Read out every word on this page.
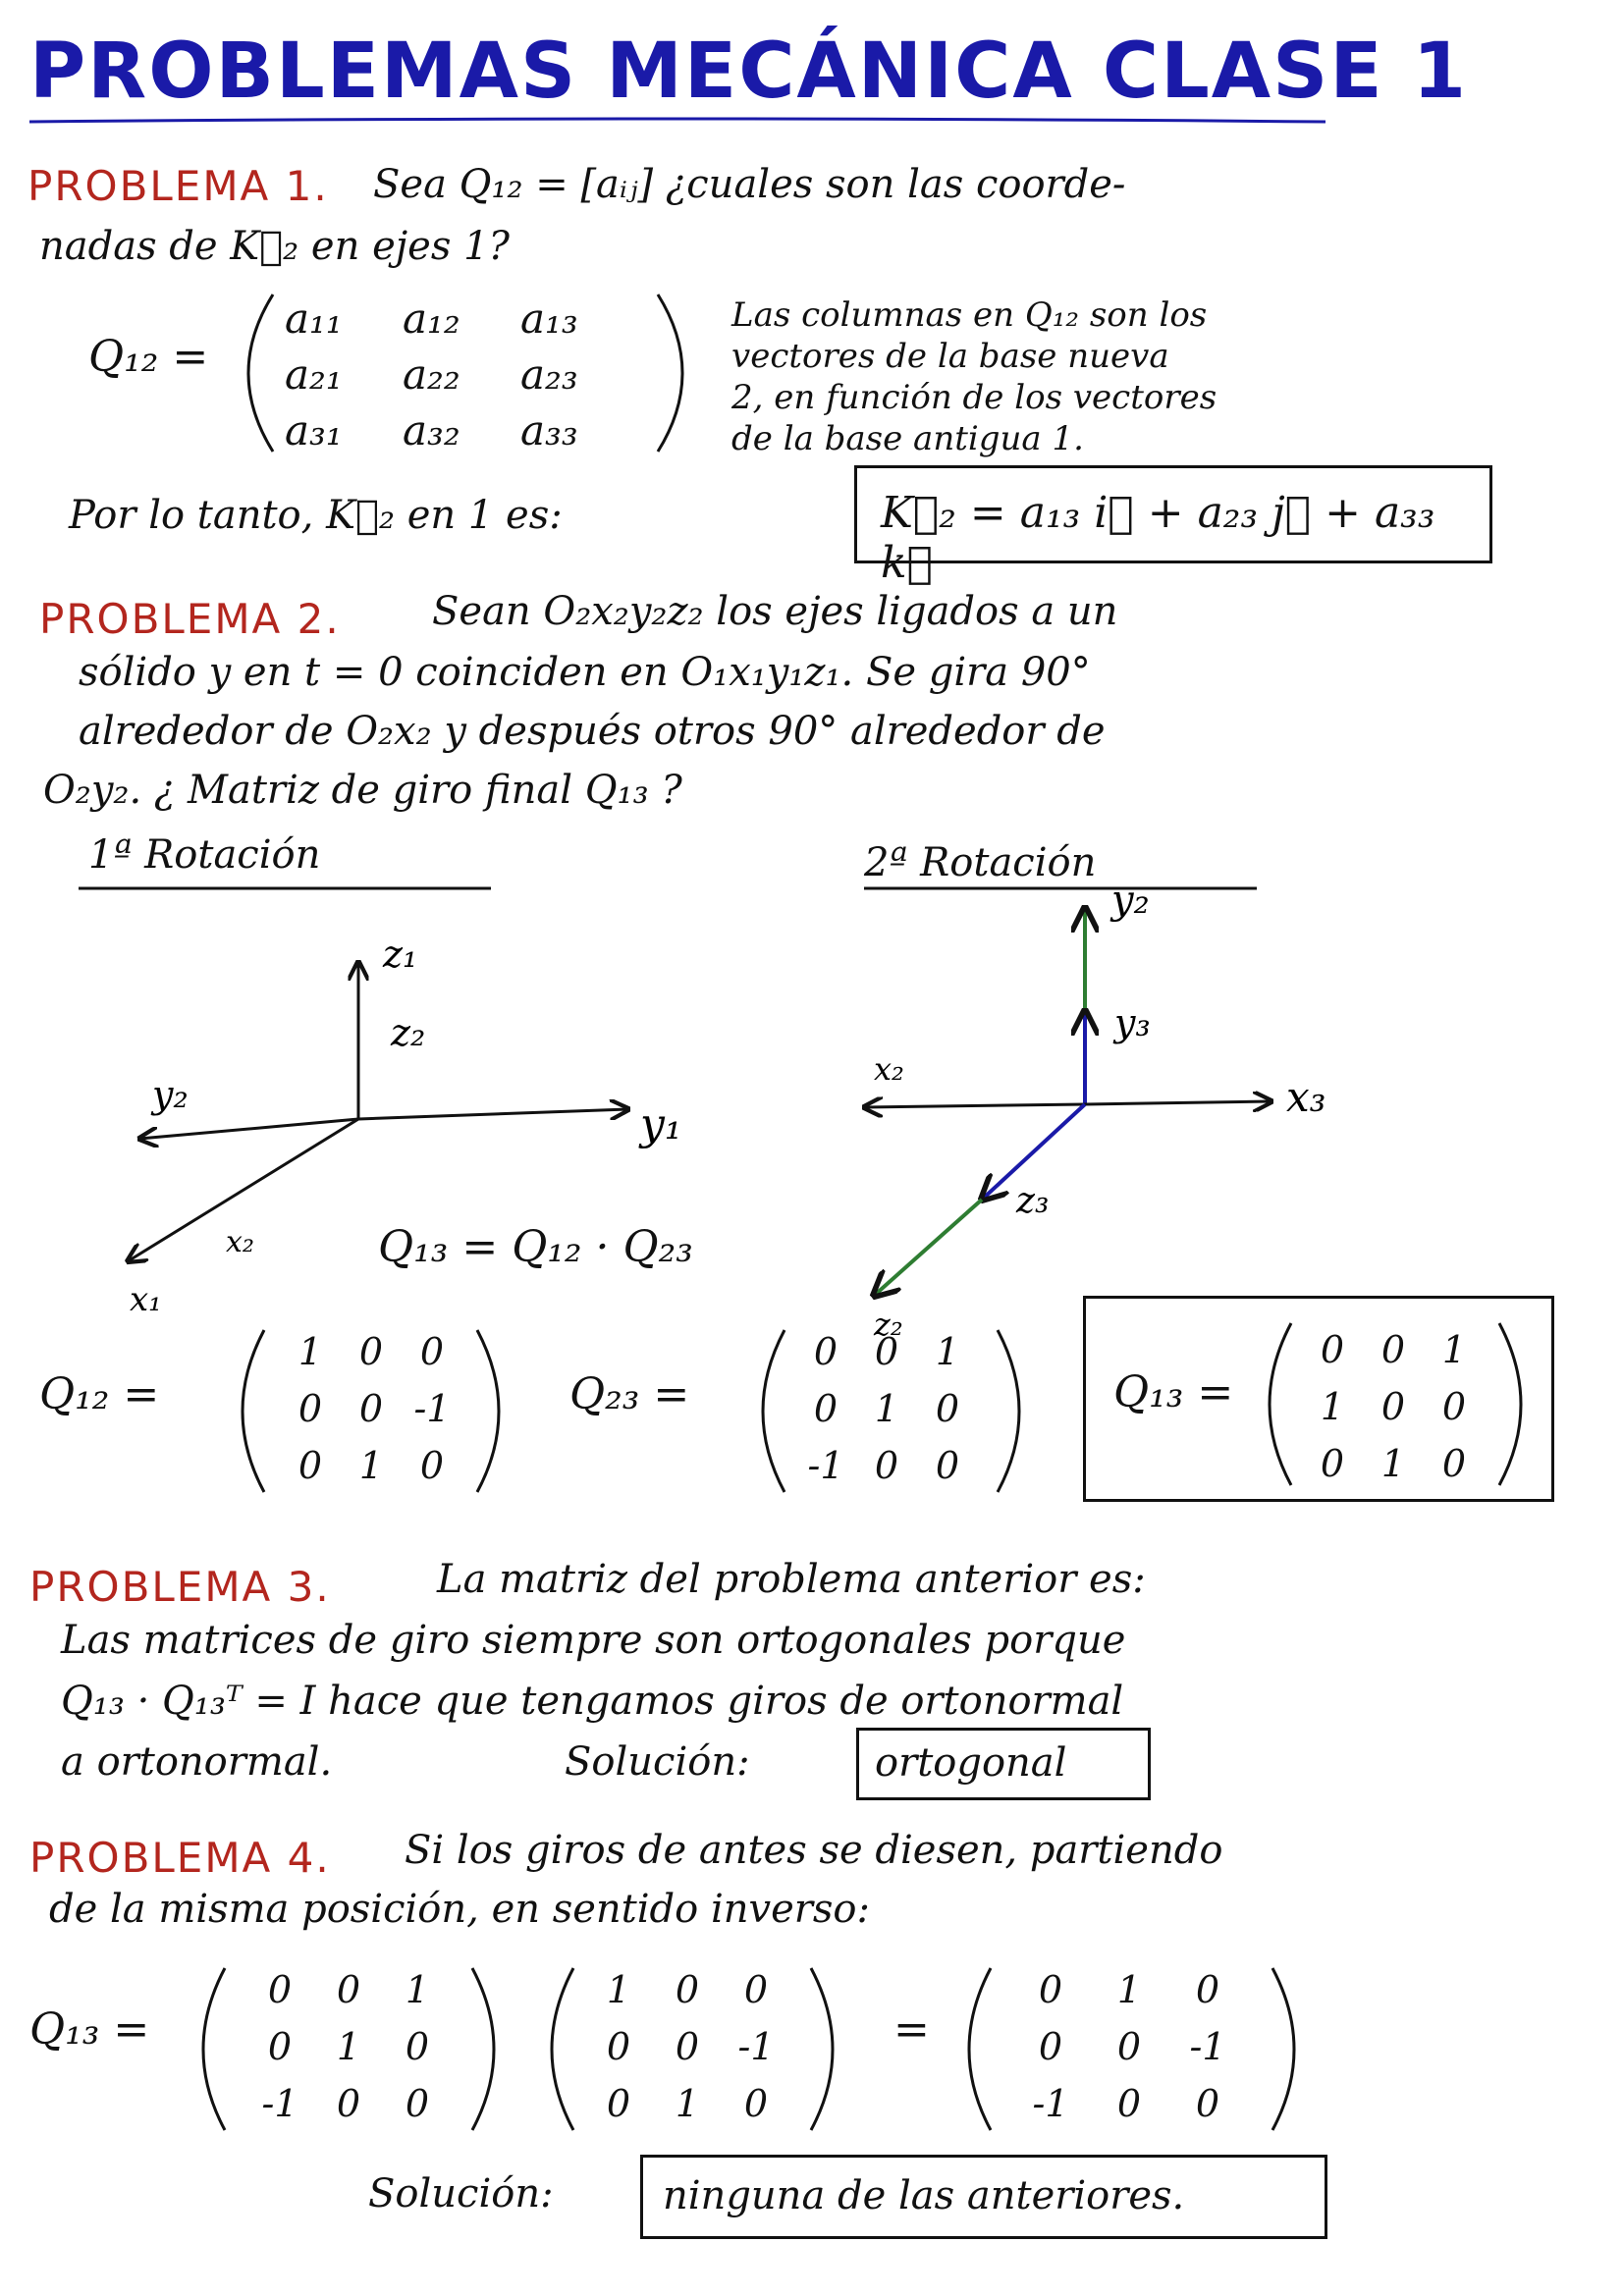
PROBLEMAS MECÁNICA CLASE 1
PROBLEMA 1. Sea Q₁₂ = [aᵢⱼ] ¿cuales son las coorde-
nadas de K⃗₂ en ejes 1?
Q₁₂ =
a₁₁	a₁₂	a₁₃
a₂₁	a₂₂	a₂₃
a₃₁	a₃₂	a₃₃
Las columnas en Q₁₂ son los
vectores de la base nueva
2, en función de los vectores
de la base antigua 1.
Por lo tanto, K⃗₂ en 1 es:	K⃗₂ = a₁₃ i⃗ + a₂₃ j⃗ + a₃₃ k⃗
PROBLEMA 2. Sean O₂x₂y₂z₂ los ejes ligados a un
sólido y en t = 0 coinciden en O₁x₁y₁z₁. Se gira 90°
alrededor de O₂x₂ y después otros 90° alrededor de
O₂y₂. ¿ Matriz de giro final Q₁₃ ?
1ª Rotación	2ª Rotación
z₁
z₂
y₂
y₁
x₂
x₁
y₂
y₃
x₂
x₃
z₃
z₂
Q₁₃ = Q₁₂ · Q₂₃
Q₁₂ =
1 0 0
0 0 -1
0 1 0
Q₂₃ =
0 0 1
0 1 0
-1 0 0
Q₁₃ =
0 0 1
1 0 0
0 1 0
PROBLEMA 3.	La matriz del problema anterior es:
Las matrices de giro siempre son ortogonales porque
Q₁₃ · Q₁₃ᵀ = I hace que tengamos giros de ortonormal
a ortonormal.	Solución:	ortogonal
PROBLEMA 4. Si los giros de antes se diesen, partiendo
de la misma posición, en sentido inverso:
Q₁₃ =
0	0	1
0	1	0
-1	0	0
1	0	0
0	0	-1
0	1	0
=
0	1	0
0	0	-1
-1	0	0
Solución:	ninguna de las anteriores.
